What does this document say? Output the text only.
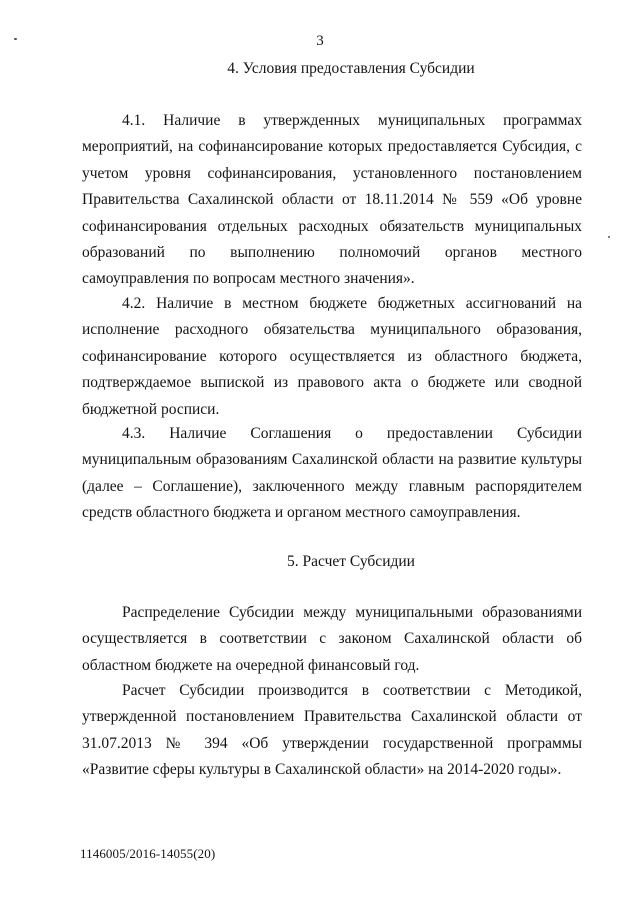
3
4. Условия предоставления Субсидии

4.1. Наличие в утвержденных муниципальных программах мероприятий, на софинансирование которых предоставляется Субсидия, с учетом уровня софинансирования, установленного постановлением Правительства Сахалинской области от 18.11.2014 № 559 «Об уровне софинансирования отдельных расходных обязательств муниципальных образований по выполнению полномочий органов местного самоуправления по вопросам местного значения».

4.2. Наличие в местном бюджете бюджетных ассигнований на исполнение расходного обязательства муниципального образования, софинансирование которого осуществляется из областного бюджета, подтверждаемое выпиской из правового акта о бюджете или сводной бюджетной росписи.

4.3. Наличие Соглашения о предоставлении Субсидии муниципальным образованиям Сахалинской области на развитие культуры (далее – Соглашение), заключенного между главным распорядителем средств областного бюджета и органом местного самоуправления.

5. Расчет Субсидии

Распределение Субсидии между муниципальными образованиями осуществляется в соответствии с законом Сахалинской области об областном бюджете на очередной финансовый год.

Расчет Субсидии производится в соответствии с Методикой, утвержденной постановлением Правительства Сахалинской области от 31.07.2013 № 394 «Об утверждении государственной программы «Развитие сферы культуры в Сахалинской области» на 2014-2020 годы».

1146005/2016-14055(20)
